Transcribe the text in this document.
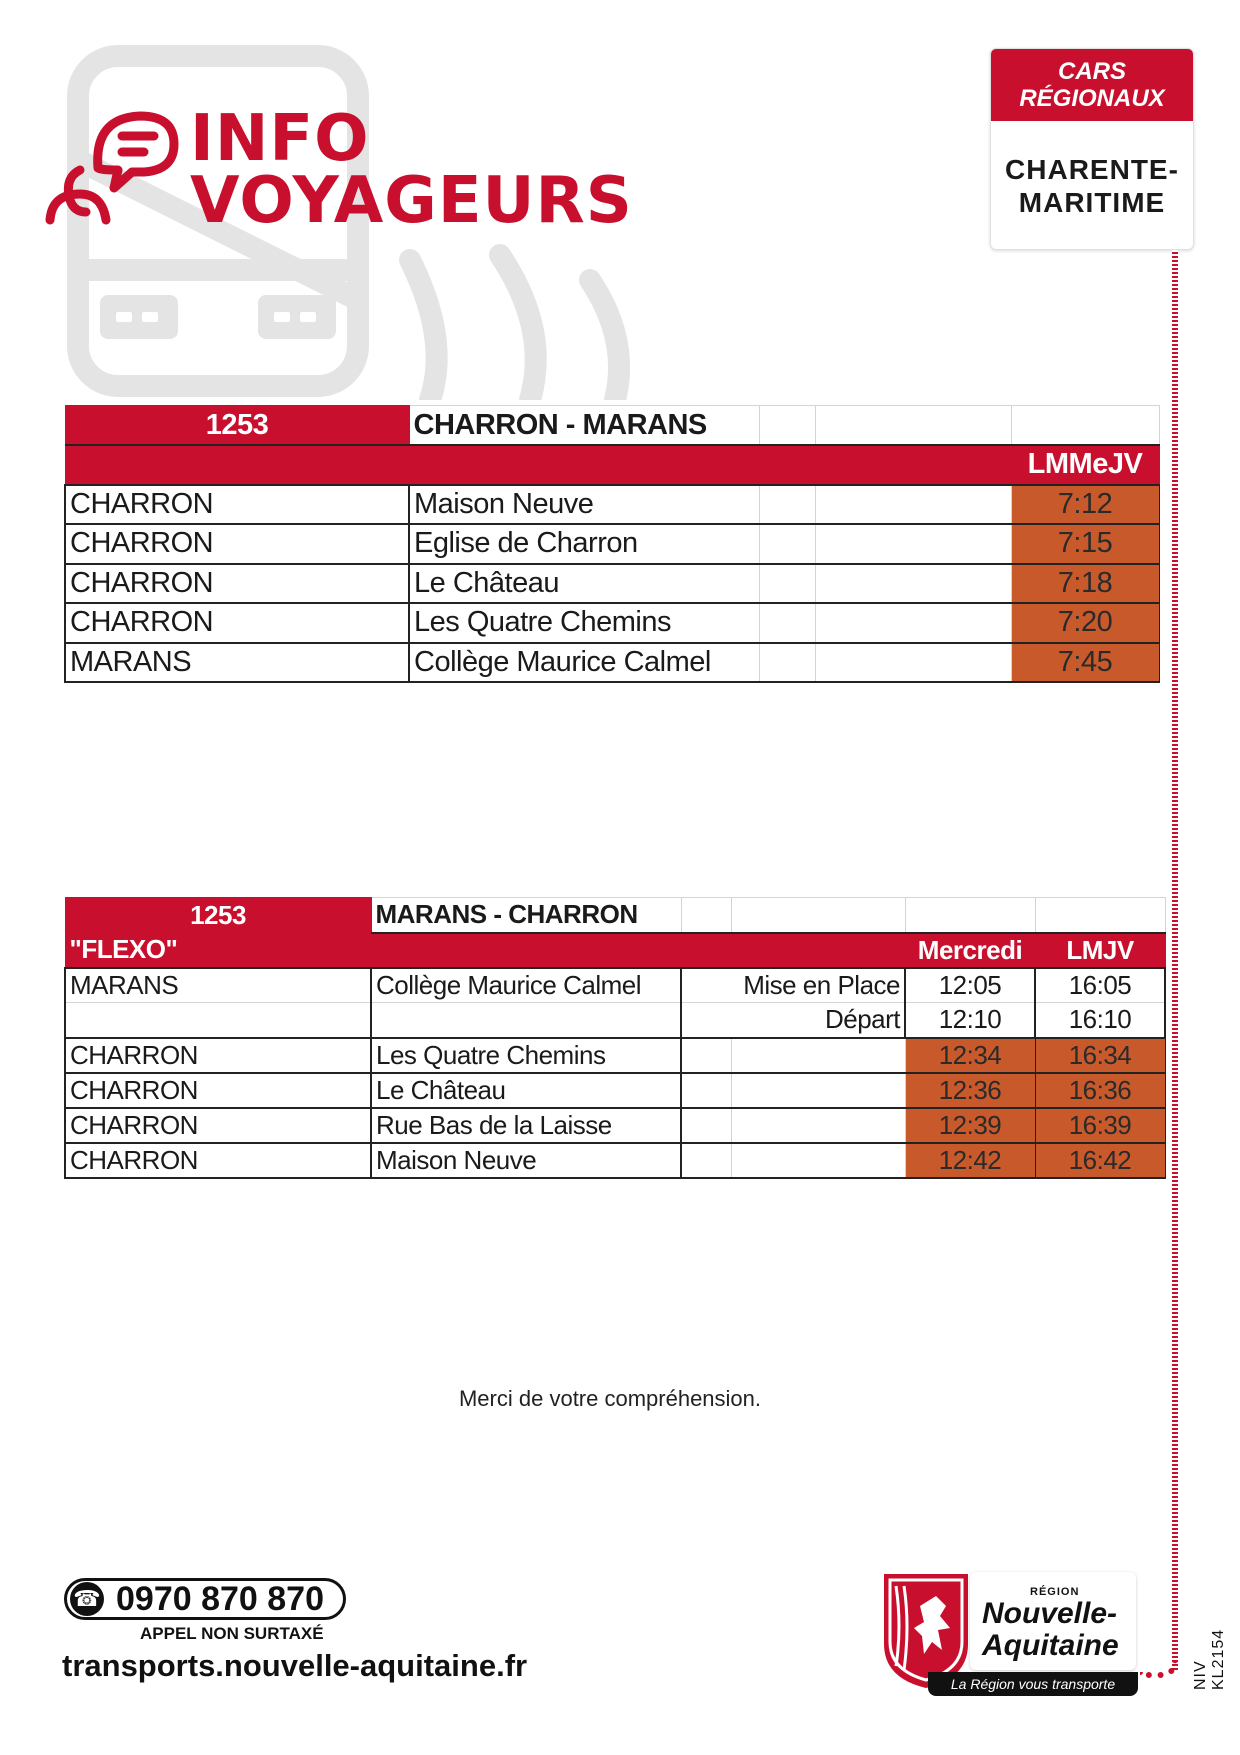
INFO
VOYAGEURS
CARS
RÉGIONAUX
CHARENTE-
MARITIME
1253	CHARRON - MARANS			
				LMMeJV
CHARRON	Maison Neuve			7:12
CHARRON	Eglise de Charron			7:15
CHARRON	Le Château			7:18
CHARRON	Les Quatre Chemins			7:20
MARANS	Collège Maurice Calmel			7:45
1253	MARANS - CHARRON				
"FLEXO"				Mercredi	LMJV
MARANS	Collège Maurice Calmel	Mise en Place		12:05	16:05
		Départ		12:10	16:10
CHARRON	Les Quatre Chemins			12:34	16:34
CHARRON	Le Château			12:36	16:36
CHARRON	Rue Bas de la Laisse			12:39	16:39
CHARRON	Maison Neuve			12:42	16:42
Merci de votre compréhension.
☎ 0970 870 870
APPEL NON SURTAXÉ
transports.nouvelle-aquitaine.fr
RÉGION
Nouvelle-
Aquitaine
La Région vous transporte	NIV KL2154
